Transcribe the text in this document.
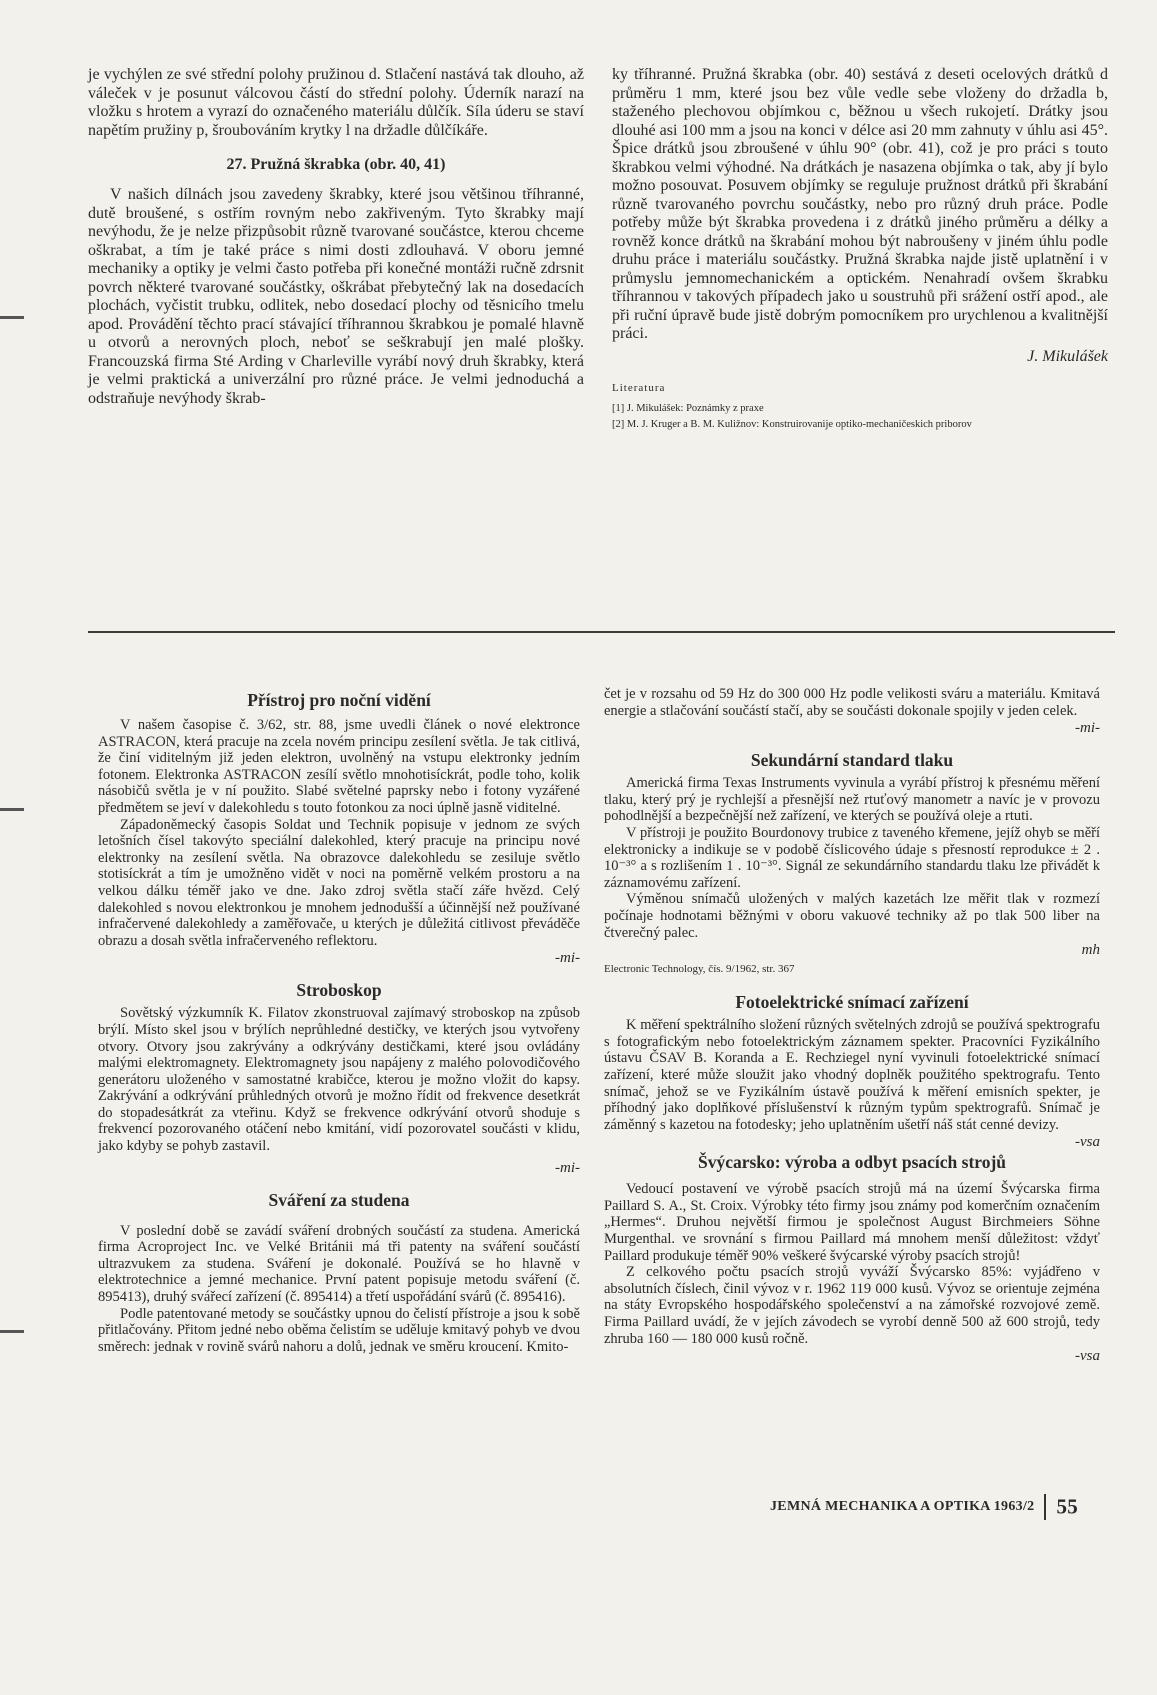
je vychýlen ze své střední polohy pružinou d. Stlačení nastává tak dlouho, až váleček v je posunut válcovou částí do střední polohy. Úderník narazí na vložku s hrotem a vyrazí do označeného materiálu důlčík. Síla úderu se staví napětím pružiny p, šroubováním krytky l na držadle důlčíkáře.

27. Pružná škrabka (obr. 40, 41)

V našich dílnách jsou zavedeny škrabky, které jsou většinou tříhranné, dutě broušené, s ostřím rovným nebo zakřiveným. Tyto škrabky mají nevýhodu, že je nelze přizpůsobit různě tvarované součástce, kterou chceme oškrabat, a tím je také práce s nimi dosti zdlouhavá. V oboru jemné mechaniky a optiky je velmi často potřeba při konečné montáži ručně zdrsnit povrch některé tvarované součástky, oškrábat přebytečný lak na dosedacích plochách, vyčistit trubku, odlitek, nebo dosedací plochy od těsnicího tmelu apod. Provádění těchto prací stávající tříhrannou škrabkou je pomalé hlavně u otvorů a nerovných ploch, neboť se seškrabují jen malé plošky. Francouzská firma Sté Arding v Charleville vyrábí nový druh škrabky, která je velmi praktická a univerzální pro různé práce. Je velmi jednoduchá a odstraňuje nevýhody škrab-

ky tříhranné. Pružná škrabka (obr. 40) sestává z deseti ocelových drátků d průměru 1 mm, které jsou bez vůle vedle sebe vloženy do držadla b, staženého plechovou objímkou c, běžnou u všech rukojetí. Drátky jsou dlouhé asi 100 mm a jsou na konci v délce asi 20 mm zahnuty v úhlu asi 45°. Špice drátků jsou zbroušené v úhlu 90° (obr. 41), což je pro práci s touto škrabkou velmi výhodné. Na drátkách je nasazena objímka o tak, aby jí bylo možno posouvat. Posuvem objímky se reguluje pružnost drátků při škrabání různě tvarovaného povrchu součástky, nebo pro různý druh práce. Podle potřeby může být škrabka provedena i z drátků jiného průměru a délky a rovněž konce drátků na škrabání mohou být nabroušeny v jiném úhlu podle druhu práce i materiálu součástky. Pružná škrabka najde jistě uplatnění i v průmyslu jemnomechanickém a optickém. Nenahradí ovšem škrabku tříhrannou v takových případech jako u soustruhů při srážení ostří apod., ale při ruční úpravě bude jistě dobrým pomocníkem pro urychlenou a kvalitnější práci.

J. Mikulášek

Literatura

[1] J. Mikulášek: Poznámky z praxe

[2] M. J. Kruger a B. M. Kuližnov: Konstruirovanije optiko-mechaničeskich priborov

Přístroj pro noční vidění

V našem časopise č. 3/62, str. 88, jsme uvedli článek o nové elektronce ASTRACON, která pracuje na zcela novém principu zesílení světla. Je tak citlivá, že činí viditelným již jeden elektron, uvolněný na vstupu elektronky jedním fotonem. Elektronka ASTRACON zesílí světlo mnohotisíckrát, podle toho, kolik násobičů světla je v ní použito. Slabé světelné paprsky nebo i fotony vyzářené předmětem se jeví v dalekohledu s touto fotonkou za noci úplně jasně viditelné.

Západoněmecký časopis Soldat und Technik popisuje v jednom ze svých letošních čísel takovýto speciální dalekohled, který pracuje na principu nové elektronky na zesílení světla. Na obrazovce dalekohledu se zesiluje světlo stotisíckrát a tím je umožněno vidět v noci na poměrně velkém prostoru a na velkou dálku téměř jako ve dne. Jako zdroj světla stačí záře hvězd. Celý dalekohled s novou elektronkou je mnohem jednodušší a účinnější než používané infračervené dalekohledy a zaměřovače, u kterých je důležitá citlivost převáděče obrazu a dosah světla infračerveného reflektoru.

-mi-

Stroboskop

Sovětský výzkumník K. Filatov zkonstruoval zajímavý stroboskop na způsob brýlí. Místo skel jsou v brýlích neprůhledné destičky, ve kterých jsou vytvořeny otvory. Otvory jsou zakrývány a odkrývány destičkami, které jsou ovládány malými elektromagnety. Elektromagnety jsou napájeny z malého polovodičového generátoru uloženého v samostatné krabičce, kterou je možno vložit do kapsy. Zakrývání a odkrývání průhledných otvorů je možno řídit od frekvence desetkrát do stopadesátkrát za vteřinu. Když se frekvence odkrývání otvorů shoduje s frekvencí pozorovaného otáčení nebo kmitání, vidí pozorovatel součásti v klidu, jako kdyby se pohyb zastavil.

-mi-

Sváření za studena

V poslední době se zavádí sváření drobných součástí za studena. Americká firma Acroproject Inc. ve Velké Británii má tři patenty na sváření součástí ultrazvukem za studena. Sváření je dokonalé. Používá se ho hlavně v elektrotechnice a jemné mechanice. První patent popisuje metodu sváření (č. 895413), druhý svářecí zařízení (č. 895414) a třetí uspořádání svárů (č. 895416).

Podle patentované metody se součástky upnou do čelistí přístroje a jsou k sobě přitlačovány. Přitom jedné nebo oběma čelistím se uděluje kmitavý pohyb ve dvou směrech: jednak v rovině svárů nahoru a dolů, jednak ve směru kroucení. Kmito-

čet je v rozsahu od 59 Hz do 300 000 Hz podle velikosti sváru a materiálu. Kmitavá energie a stlačování součástí stačí, aby se součásti dokonale spojily v jeden celek.

-mi-

Sekundární standard tlaku

Americká firma Texas Instruments vyvinula a vyrábí přístroj k přesnému měření tlaku, který prý je rychlejší a přesnější než rtuťový manometr a navíc je v provozu pohodlnější a bezpečnější než zařízení, ve kterých se používá oleje a rtuti.

V přístroji je použito Bourdonovy trubice z taveného křemene, jejíž ohyb se měří elektronicky a indikuje se v podobě číslicového údaje s přesností reprodukce ± 2 . 10⁻³° a s rozlišením 1 . 10⁻³°. Signál ze sekundárního standardu tlaku lze přivádět k záznamovému zařízení.

Výměnou snímačů uložených v malých kazetách lze měřit tlak v rozmezí počínaje hodnotami běžnými v oboru vakuové techniky až po tlak 500 liber na čtverečný palec.

mh

Electronic Technology, čís. 9/1962, str. 367

Fotoelektrické snímací zařízení

K měření spektrálního složení různých světelných zdrojů se používá spektrografu s fotografickým nebo fotoelektrickým záznamem spekter. Pracovníci Fyzikálního ústavu ČSAV B. Koranda a E. Rechziegel nyní vyvinuli fotoelektrické snímací zařízení, které může sloužit jako vhodný doplněk použitého spektrografu. Tento snímač, jehož se ve Fyzikálním ústavě používá k měření emisních spekter, je příhodný jako doplňkové příslušenství k různým typům spektrografů. Snímač je záměnný s kazetou na fotodesky; jeho uplatněním ušetří náš stát cenné devizy.

-vsa

Švýcarsko: výroba a odbyt psacích strojů

Vedoucí postavení ve výrobě psacích strojů má na území Švýcarska firma Paillard S. A., St. Croix. Výrobky této firmy jsou známy pod komerčním označením „Hermes“. Druhou největší firmou je společnost August Birchmeiers Söhne Murgenthal. ve srovnání s firmou Paillard má mnohem menší důležitost: vždyť Paillard produkuje téměř 90% veškeré švýcarské výroby psacích strojů!

Z celkového počtu psacích strojů vyváží Švýcarsko 85%: vyjádřeno v absolutních číslech, činil vývoz v r. 1962 119 000 kusů. Vývoz se orientuje zejména na státy Evropského hospodářského společenství a na zámořské rozvojové země. Firma Paillard uvádí, že v jejích závodech se vyrobí denně 500 až 600 strojů, tedy zhruba 160 — 180 000 kusů ročně.

-vsa

JEMNÁ MECHANIKA A OPTIKA 1963/2 55
